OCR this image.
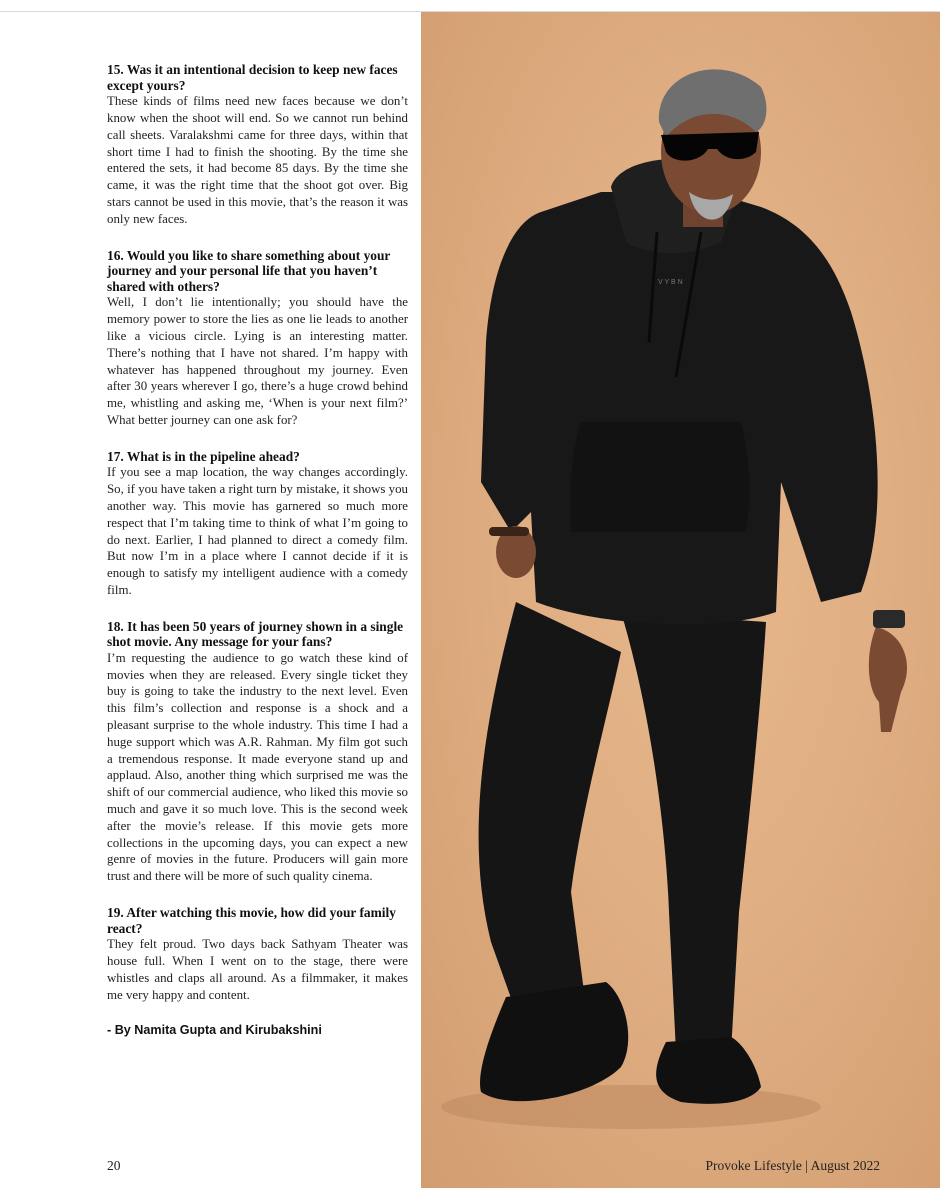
15. Was it an intentional decision to keep new faces except yours?

These kinds of films need new faces because we don’t know when the shoot will end. So we cannot run behind call sheets. Varalakshmi came for three days, within that short time I had to finish the shooting. By the time she entered the sets, it had become 85 days. By the time she came, it was the right time that the shoot got over. Big stars cannot be used in this movie, that’s the reason it was only new faces.

16. Would you like to share something about your journey and your personal life that you haven’t shared with others?

Well, I don’t lie intentionally; you should have the memory power to store the lies as one lie leads to another like a vicious circle. Lying is an interesting matter. There’s nothing that I have not shared. I’m happy with whatever has happened throughout my journey. Even after 30 years wherever I go, there’s a huge crowd behind me, whistling and asking me, ‘When is your next film?’ What better journey can one ask for?

17. What is in the pipeline ahead?

If you see a map location, the way changes accordingly. So, if you have taken a right turn by mistake, it shows you another way. This movie has garnered so much more respect that I’m taking time to think of what I’m going to do next. Earlier, I had planned to direct a comedy film. But now I’m in a place where I cannot decide if it is enough to satisfy my intelligent audience with a comedy film.

18. It has been 50 years of journey shown in a single shot movie. Any message for your fans?

I’m requesting the audience to go watch these kind of movies when they are released. Every single ticket they buy is going to take the industry to the next level. Even this film’s collection and response is a shock and a pleasant surprise to the whole industry. This time I had a huge support which was A.R. Rahman. My film got such a tremendous response. It made everyone stand up and applaud. Also, another thing which surprised me was the shift of our commercial audience, who liked this movie so much and gave it so much love. This is the second week after the movie’s release. If this movie gets more collections in the upcoming days, you can expect a new genre of movies in the future. Producers will gain more trust and there will be more of such quality cinema.

19. After watching this movie, how did your family react?

They felt proud. Two days back Sathyam Theater was house full. When I went on to the stage, there were whistles and claps all around. As a filmmaker, it makes me very happy and content.

- By Namita Gupta and Kirubakshini
V Y B N
20	Provoke Lifestyle | August 2022
